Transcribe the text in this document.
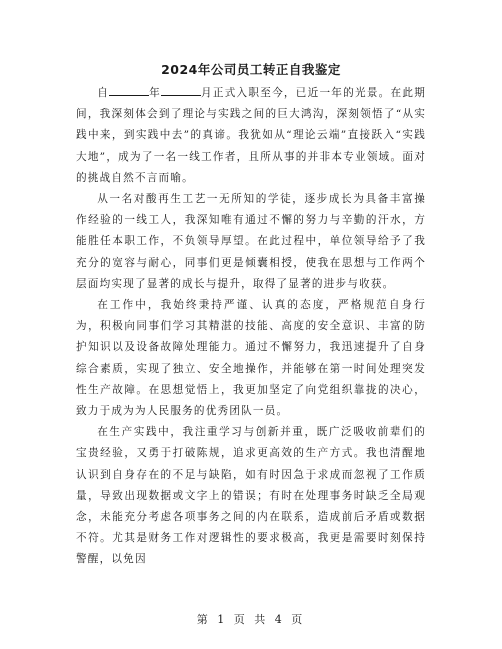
2024年公司员工转正自我鉴定

自	年	月正式入职至今，已近一年的光景。在此期间，我深刻体会到了理论与实践之间的巨大鸿沟，深刻领悟了“从实践中来，到实践中去”的真谛。我犹如从“理论云端”直接跃入“实践大地”，成为了一名一线工作者，且所从事的并非本专业领域。面对的挑战自然不言而喻。

从一名对酸再生工艺一无所知的学徒，逐步成长为具备丰富操作经验的一线工人，我深知唯有通过不懈的努力与辛勤的汗水，方能胜任本职工作，不负领导厚望。在此过程中，单位领导给予了我充分的宽容与耐心，同事们更是倾囊相授，使我在思想与工作两个层面均实现了显著的成长与提升，取得了显著的进步与收获。

在工作中，我始终秉持严谨、认真的态度，严格规范自身行为，积极向同事们学习其精湛的技能、高度的安全意识、丰富的防护知识以及设备故障处理能力。通过不懈努力，我迅速提升了自身综合素质，实现了独立、安全地操作，并能够在第一时间处理突发性生产故障。在思想觉悟上，我更加坚定了向党组织靠拢的决心，致力于成为为人民服务的优秀团队一员。

在生产实践中，我注重学习与创新并重，既广泛吸收前辈们的宝贵经验，又勇于打破陈规，追求更高效的生产方式。我也清醒地认识到自身存在的不足与缺陷，如有时因急于求成而忽视了工作质量，导致出现数据或文字上的错误；有时在处理事务时缺乏全局观念，未能充分考虑各项事务之间的内在联系，造成前后矛盾或数据不符。尤其是财务工作对逻辑性的要求极高，我更是需要时刻保持警醒，以免因

第 1 页 共 4 页
